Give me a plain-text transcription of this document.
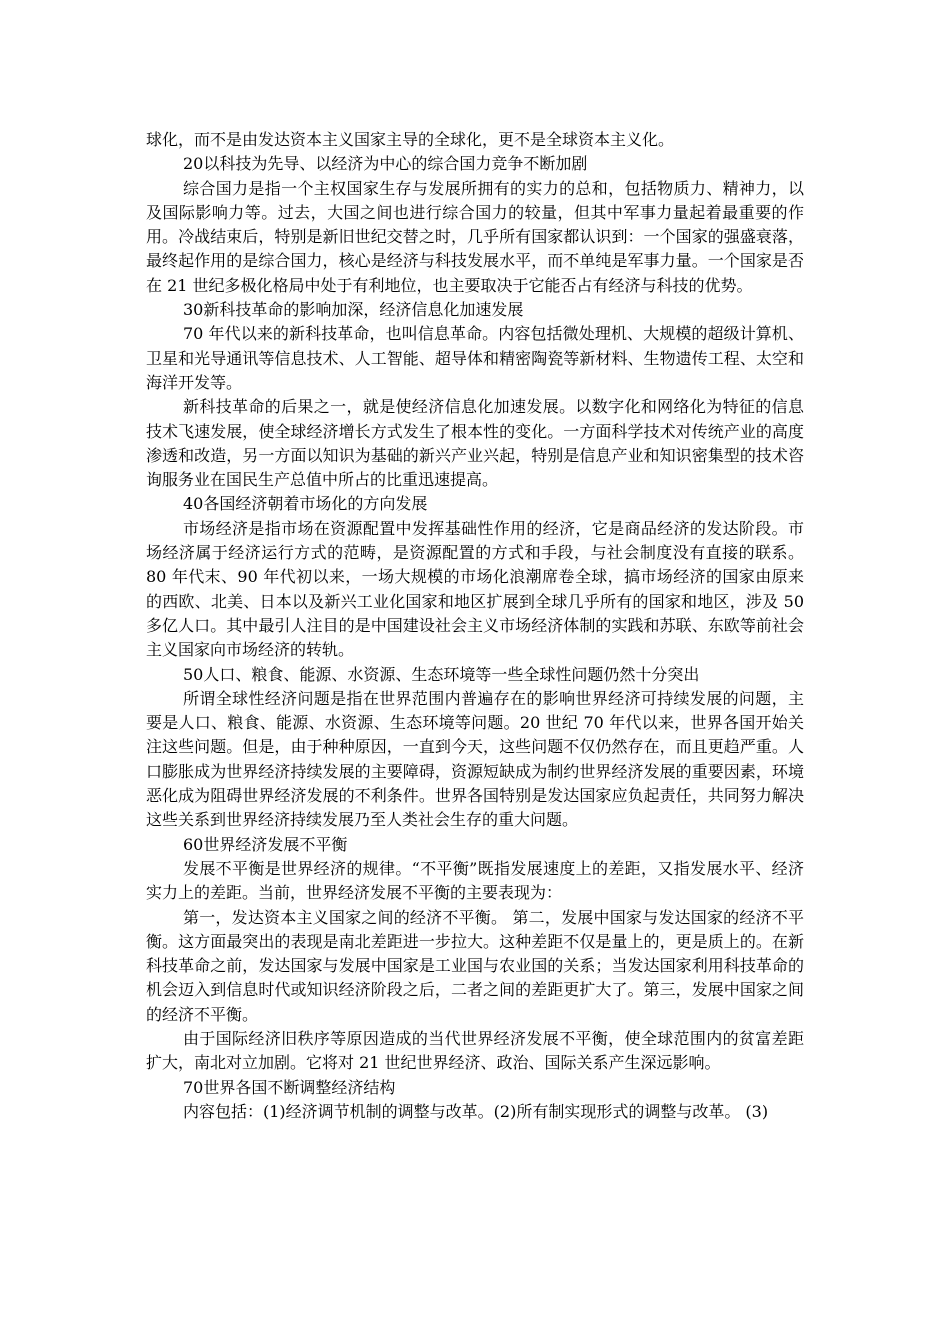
球化，而不是由发达资本主义国家主导的全球化，更不是全球资本主义化。

20以科技为先导、以经济为中心的综合国力竞争不断加剧

综合国力是指一个主权国家生存与发展所拥有的实力的总和，包括物质力、精神力，以及国际影响力等。过去，大国之间也进行综合国力的较量，但其中军事力量起着最重要的作用。冷战结束后，特别是新旧世纪交替之时，几乎所有国家都认识到：一个国家的强盛衰落，最终起作用的是综合国力，核心是经济与科技发展水平，而不单纯是军事力量。一个国家是否在 21 世纪多极化格局中处于有利地位，也主要取决于它能否占有经济与科技的优势。

30新科技革命的影响加深，经济信息化加速发展

70 年代以来的新科技革命，也叫信息革命。内容包括微处理机、大规模的超级计算机、卫星和光导通讯等信息技术、人工智能、超导体和精密陶瓷等新材料、生物遗传工程、太空和海洋开发等。

新科技革命的后果之一，就是使经济信息化加速发展。以数字化和网络化为特征的信息技术飞速发展，使全球经济增长方式发生了根本性的变化。一方面科学技术对传统产业的高度渗透和改造，另一方面以知识为基础的新兴产业兴起，特别是信息产业和知识密集型的技术咨询服务业在国民生产总值中所占的比重迅速提高。

40各国经济朝着市场化的方向发展

市场经济是指市场在资源配置中发挥基础性作用的经济，它是商品经济的发达阶段。市场经济属于经济运行方式的范畴，是资源配置的方式和手段，与社会制度没有直接的联系。80 年代末、90 年代初以来，一场大规模的市场化浪潮席卷全球，搞市场经济的国家由原来的西欧、北美、日本以及新兴工业化国家和地区扩展到全球几乎所有的国家和地区，涉及 50 多亿人口。其中最引人注目的是中国建设社会主义市场经济体制的实践和苏联、东欧等前社会主义国家向市场经济的转轨。

50人口、粮食、能源、水资源、生态环境等一些全球性问题仍然十分突出

所谓全球性经济问题是指在世界范围内普遍存在的影响世界经济可持续发展的问题，主要是人口、粮食、能源、水资源、生态环境等问题。20 世纪 70 年代以来，世界各国开始关注这些问题。但是，由于种种原因，一直到今天，这些问题不仅仍然存在，而且更趋严重。人口膨胀成为世界经济持续发展的主要障碍，资源短缺成为制约世界经济发展的重要因素，环境恶化成为阻碍世界经济发展的不利条件。世界各国特别是发达国家应负起责任，共同努力解决这些关系到世界经济持续发展乃至人类社会生存的重大问题。

60世界经济发展不平衡

发展不平衡是世界经济的规律。“不平衡”既指发展速度上的差距，又指发展水平、经济实力上的差距。当前，世界经济发展不平衡的主要表现为：

第一，发达资本主义国家之间的经济不平衡。 第二，发展中国家与发达国家的经济不平衡。这方面最突出的表现是南北差距进一步拉大。这种差距不仅是量上的，更是质上的。在新科技革命之前，发达国家与发展中国家是工业国与农业国的关系；当发达国家利用科技革命的机会迈入到信息时代或知识经济阶段之后，二者之间的差距更扩大了。第三，发展中国家之间的经济不平衡。

由于国际经济旧秩序等原因造成的当代世界经济发展不平衡，使全球范围内的贫富差距扩大，南北对立加剧。它将对 21 世纪世界经济、政治、国际关系产生深远影响。

70世界各国不断调整经济结构

内容包括：(1)经济调节机制的调整与改革。(2)所有制实现形式的调整与改革。 (3)
